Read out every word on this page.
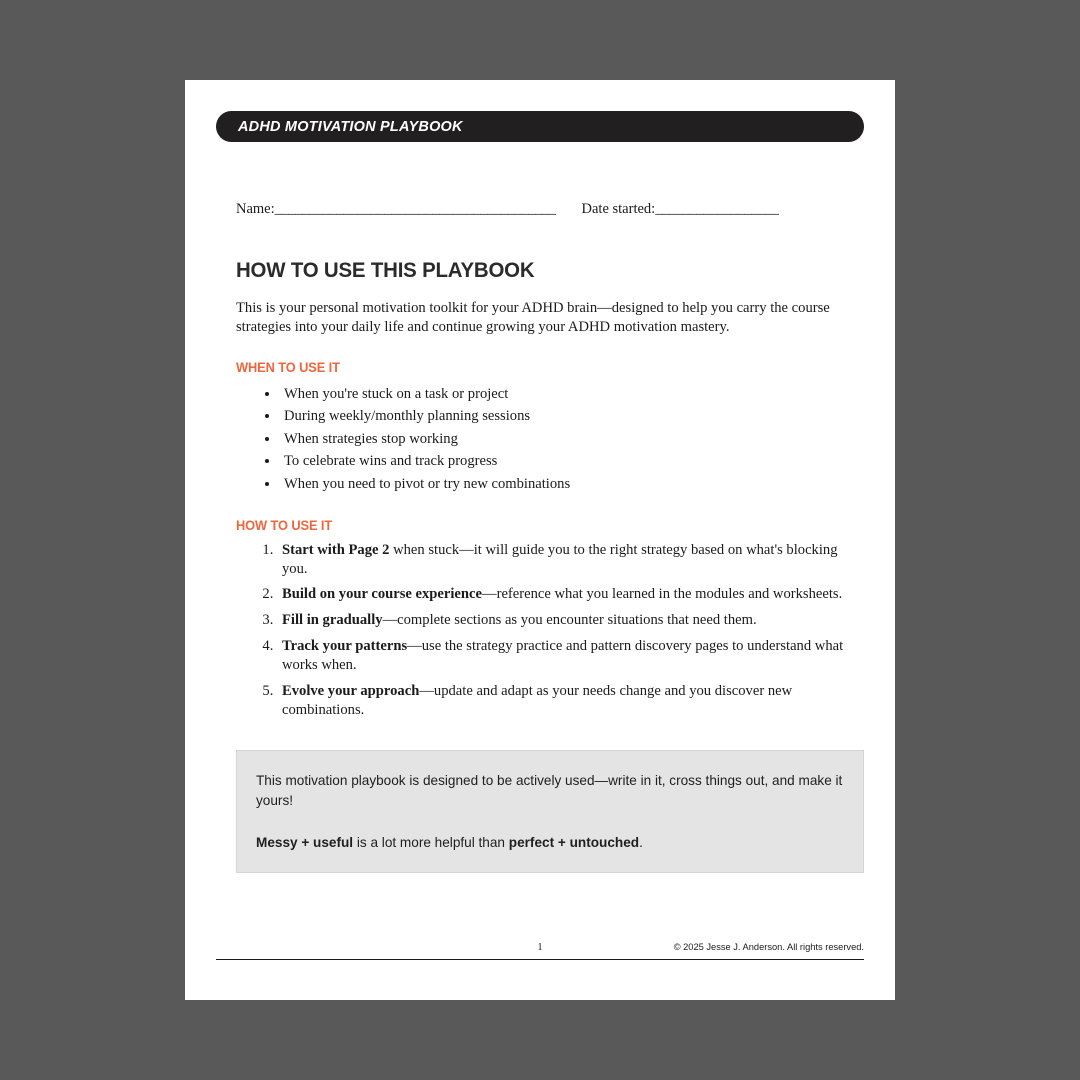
ADHD MOTIVATION PLAYBOOK
Name: _________________________________________ Date started: __________________
HOW TO USE THIS PLAYBOOK

This is your personal motivation toolkit for your ADHD brain—designed to help you carry the course strategies into your daily life and continue growing your ADHD motivation mastery.

WHEN TO USE IT
• When you're stuck on a task or project
• During weekly/monthly planning sessions
• When strategies stop working
• To celebrate wins and track progress
• When you need to pivot or try new combinations
HOW TO USE IT
1. Start with Page 2 when stuck—it will guide you to the right strategy based on what's blocking you.
2. Build on your course experience—reference what you learned in the modules and worksheets.
3. Fill in gradually—complete sections as you encounter situations that need them.
4. Track your patterns—use the strategy practice and pattern discovery pages to understand what works when.
5. Evolve your approach—update and adapt as your needs change and you discover new combinations.

This motivation playbook is designed to be actively used—write in it, cross things out, and make it yours!

Messy + useful is a lot more helpful than perfect + untouched.

1	© 2025 Jesse J. Anderson. All rights reserved.
